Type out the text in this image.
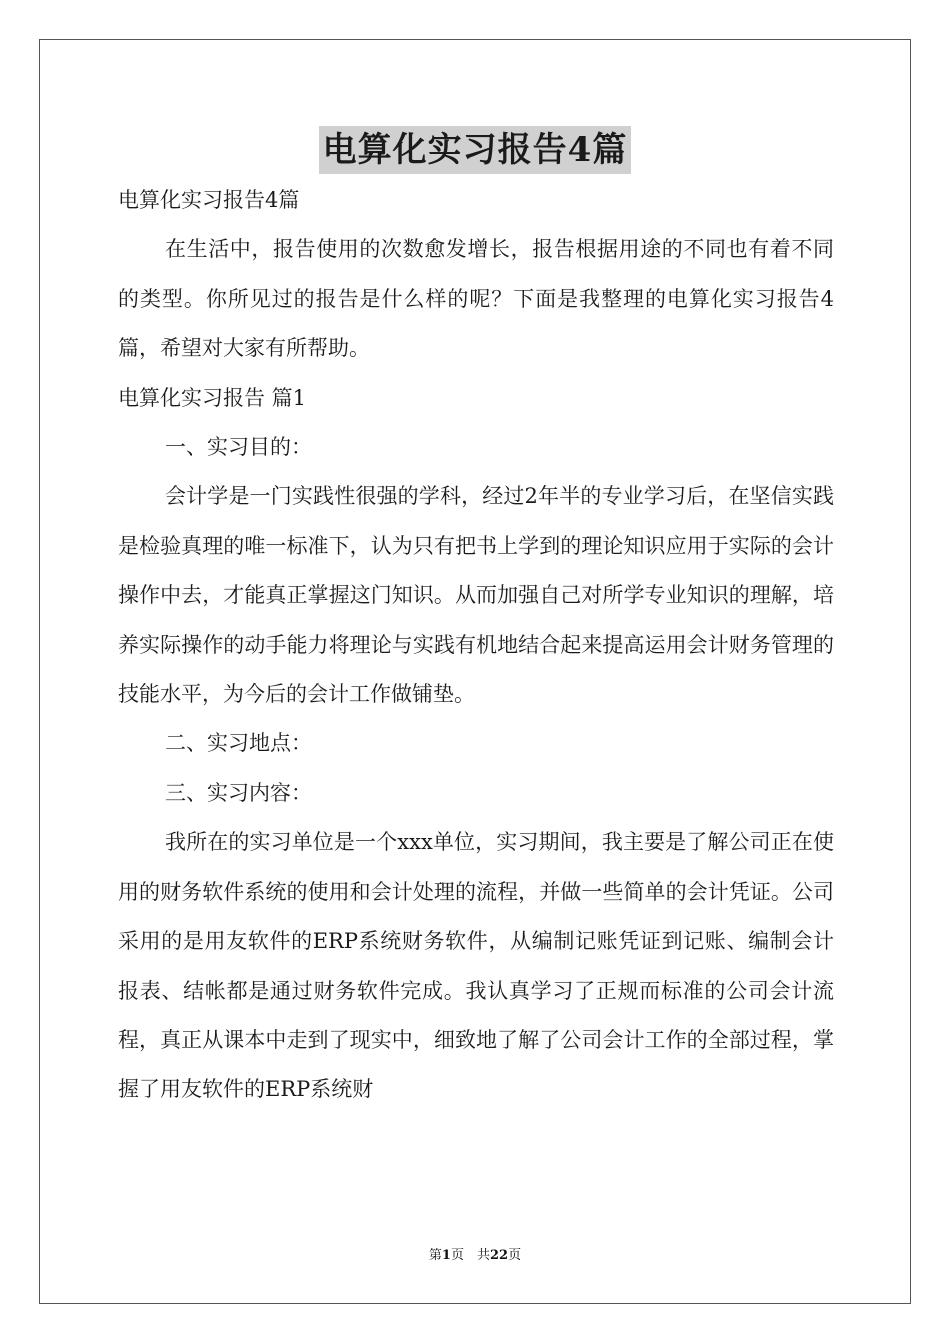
电算化实习报告4篇

电算化实习报告4篇

在生活中，报告使用的次数愈发增长，报告根据用途的不同也有着不同的类型。你所见过的报告是什么样的呢？下面是我整理的电算化实习报告4篇，希望对大家有所帮助。

电算化实习报告 篇1

一、实习目的：

会计学是一门实践性很强的学科，经过2年半的专业学习后，在坚信实践是检验真理的唯一标准下，认为只有把书上学到的理论知识应用于实际的会计操作中去，才能真正掌握这门知识。从而加强自己对所学专业知识的理解，培养实际操作的动手能力将理论与实践有机地结合起来提高运用会计财务管理的技能水平，为今后的会计工作做铺垫。

二、实习地点：

三、实习内容：

我所在的实习单位是一个xxx单位，实习期间，我主要是了解公司正在使用的财务软件系统的使用和会计处理的流程，并做一些简单的会计凭证。公司采用的是用友软件的ERP系统财务软件，从编制记账凭证到记账、编制会计报表、结帐都是通过财务软件完成。我认真学习了正规而标准的公司会计流程，真正从课本中走到了现实中，细致地了解了公司会计工作的全部过程，掌握了用友软件的ERP系统财

第1页　共22页
